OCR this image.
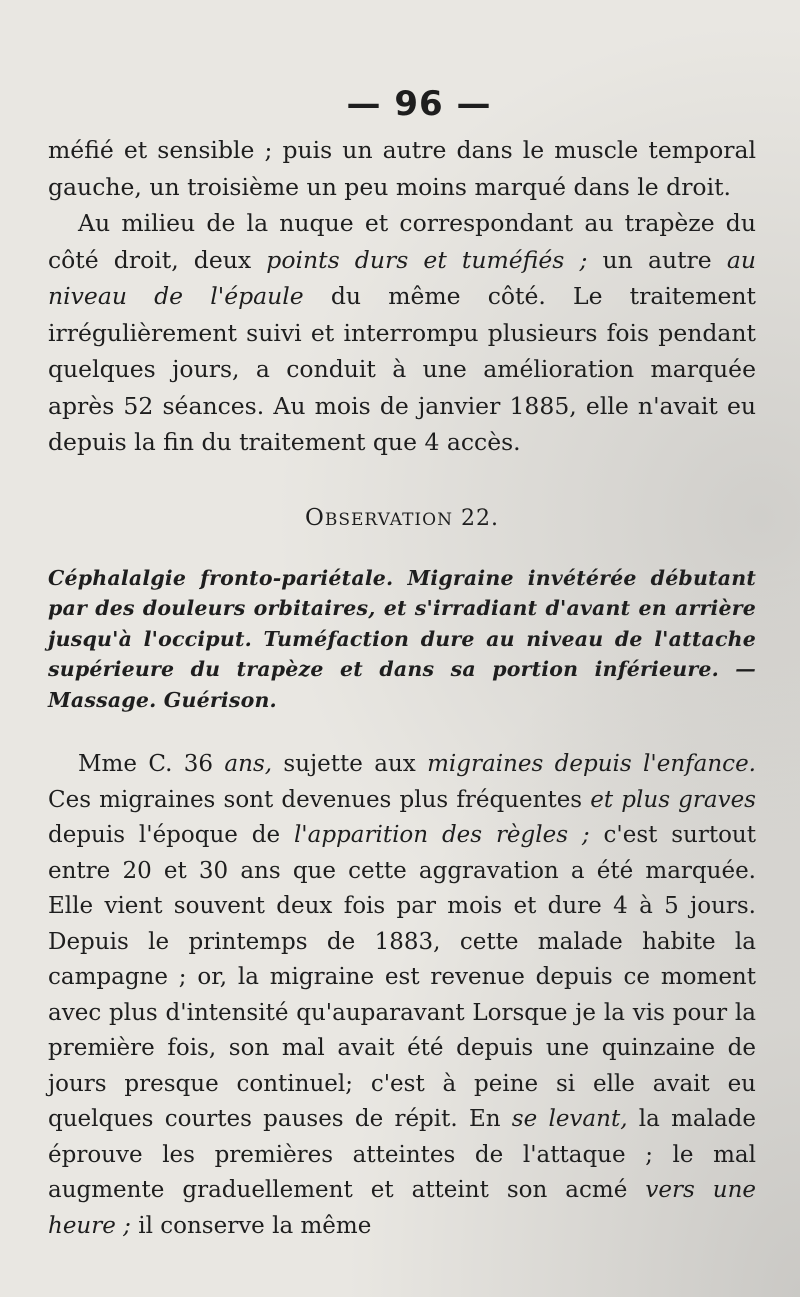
— 96 —

méfié et sensible ; puis un autre dans le muscle temporal gauche, un troisième un peu moins marqué dans le droit.

Au milieu de la nuque et correspondant au trapèze du côté droit, deux points durs et tuméfiés ; un autre au niveau de l'épaule du même côté. Le traitement irrégulièrement suivi et interrompu plusieurs fois pendant quelques jours, a conduit à une amélioration marquée après 52 séances. Au mois de janvier 1885, elle n'avait eu depuis la fin du traitement que 4 accès.

OBSERVATION 22.

Céphalalgie fronto-pariétale. Migraine invétérée débutant par des douleurs orbitaires, et s'irradiant d'avant en arrière jusqu'à l'occiput. Tuméfaction dure au niveau de l'attache supérieure du trapèze et dans sa portion inférieure. — Massage. Guérison.

Mme C. 36 ans, sujette aux migraines depuis l'enfance. Ces migraines sont devenues plus fréquentes et plus graves depuis l'époque de l'apparition des règles ; c'est surtout entre 20 et 30 ans que cette aggravation a été marquée. Elle vient souvent deux fois par mois et dure 4 à 5 jours. Depuis le printemps de 1883, cette malade habite la campagne ; or, la migraine est revenue depuis ce moment avec plus d'intensité qu'auparavant Lorsque je la vis pour la première fois, son mal avait été depuis une quinzaine de jours presque continuel; c'est à peine si elle avait eu quelques courtes pauses de répit. En se levant, la malade éprouve les premières atteintes de l'attaque ; le mal augmente graduellement et atteint son acmé vers une heure ; il conserve la même
